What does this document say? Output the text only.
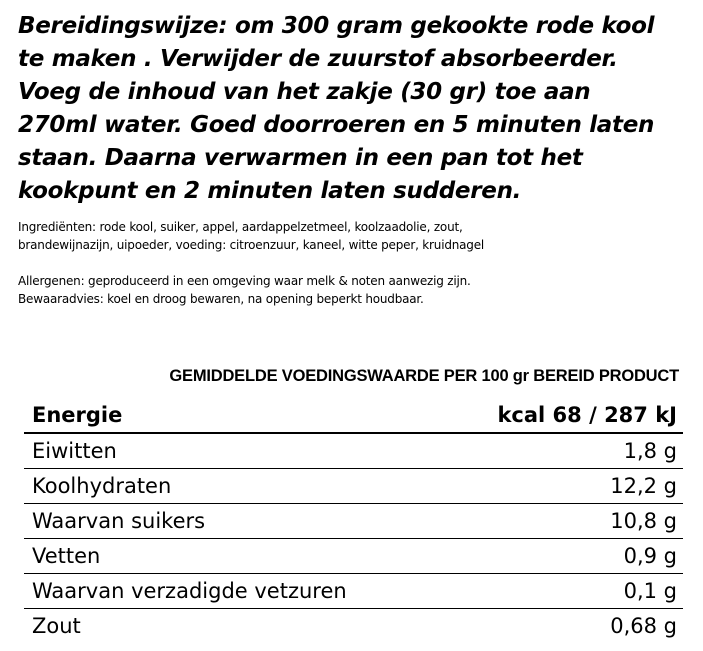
Bereidingswijze: om 300 gram gekookte rode kool
te maken . Verwijder de zuurstof absorbeerder.
Voeg de inhoud van het zakje (30 gr) toe aan
270ml water. Goed doorroeren en 5 minuten laten
staan. Daarna verwarmen in een pan tot het
kookpunt en 2 minuten laten sudderen.
Ingrediënten: rode kool, suiker, appel, aardappelzetmeel, koolzaadolie, zout,
brandewijnazijn, uipoeder, voeding: citroenzuur, kaneel, witte peper, kruidnagel
Allergenen: geproduceerd in een omgeving waar melk & noten aanwezig zijn.
Bewaaradvies: koel en droog bewaren, na opening beperkt houdbaar.
GEMIDDELDE VOEDINGSWAARDE PER 100 gr BEREID PRODUCT
Energie	kcal 68 / 287 kJ
Eiwitten	1,8 g
Koolhydraten	12,2 g
Waarvan suikers	10,8 g
Vetten	0,9 g
Waarvan verzadigde vetzuren	0,1 g
Zout	0,68 g
